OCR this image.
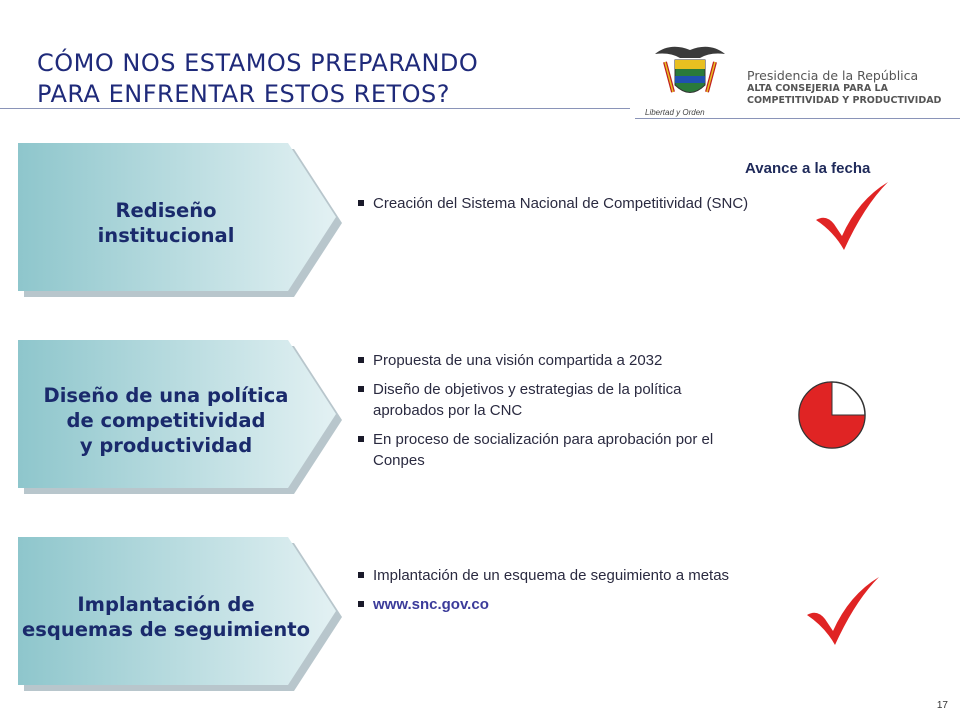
CÓMO NOS ESTAMOS PREPARANDO
PARA ENFRENTAR ESTOS RETOS?
Libertad y Orden
Presidencia de la República
ALTA CONSEJERIA PARA LA
COMPETITIVIDAD Y PRODUCTIVIDAD
Avance a la fecha
Rediseño
institucional
Creación del Sistema Nacional de Competitividad (SNC)
Diseño de una política
de competitividad
y productividad
Propuesta de una visión compartida a 2032
Diseño de objetivos y estrategias de la política aprobados por la CNC
En proceso de socialización para aprobación por el Conpes
Implantación de
esquemas de seguimiento
Implantación de un esquema de seguimiento a metas
www.snc.gov.co
17
